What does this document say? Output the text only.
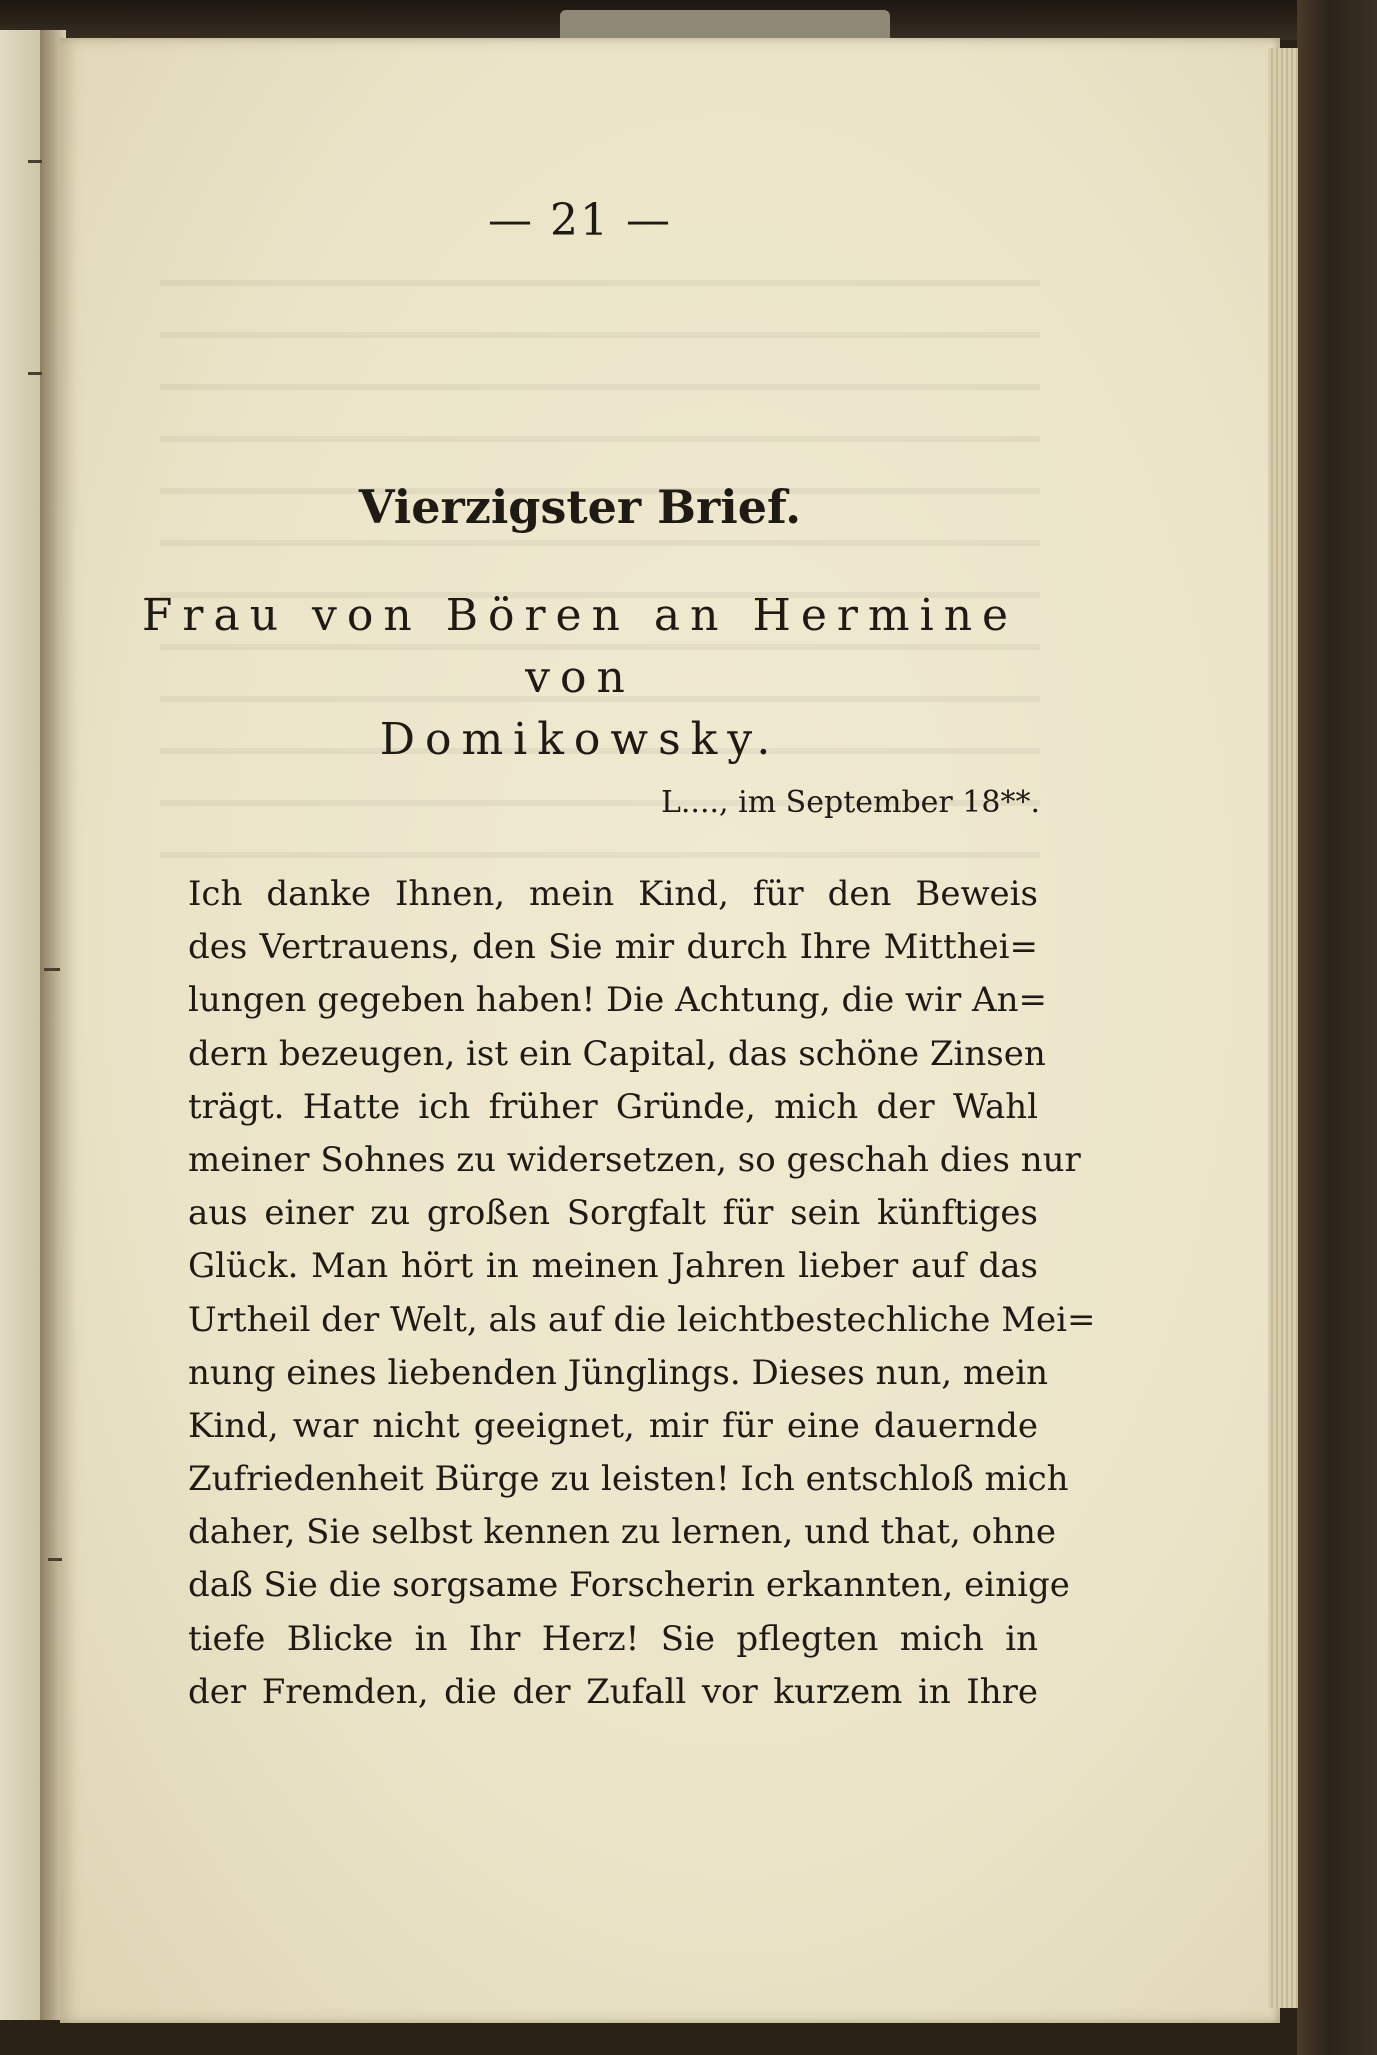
— 21 —
Vierzigster Brief.
Frau von Bören an Hermine von
Domikowsky.
L...., im September 18**.
Ich danke Ihnen, mein Kind, für den Beweis
des Vertrauens, den Sie mir durch Ihre Mitthei=
lungen gegeben haben! Die Achtung, die wir An=
dern bezeugen, ist ein Capital, das schöne Zinsen
trägt. Hatte ich früher Gründe, mich der Wahl
meiner Sohnes zu widersetzen, so geschah dies nur
aus einer zu großen Sorgfalt für sein künftiges
Glück. Man hört in meinen Jahren lieber auf das
Urtheil der Welt, als auf die leichtbestechliche Mei=
nung eines liebenden Jünglings. Dieses nun, mein
Kind, war nicht geeignet, mir für eine dauernde
Zufriedenheit Bürge zu leisten! Ich entschloß mich
daher, Sie selbst kennen zu lernen, und that, ohne
daß Sie die sorgsame Forscherin erkannten, einige
tiefe Blicke in Ihr Herz! Sie pflegten mich in
der Fremden, die der Zufall vor kurzem in Ihre
